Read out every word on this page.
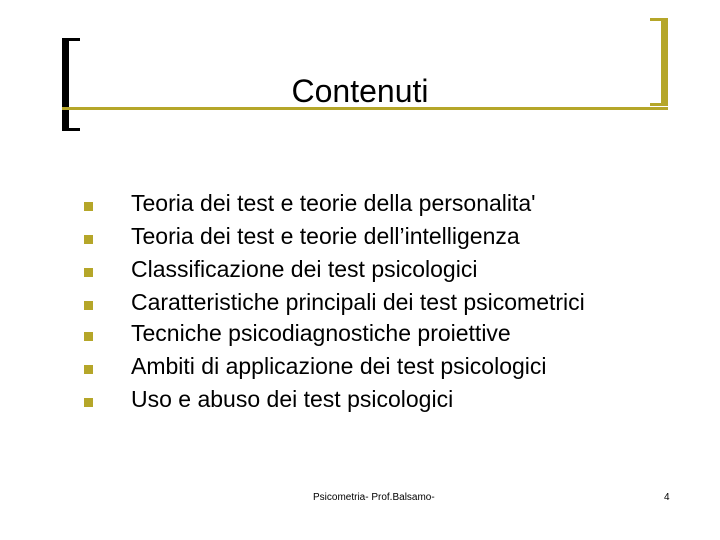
Contenuti
Teoria dei test e teorie della personalita'
Teoria dei test e teorie dell’intelligenza
Classificazione dei test psicologici
Caratteristiche principali dei test psicometrici
Tecniche psicodiagnostiche proiettive
Ambiti di applicazione dei test psicologici
Uso e abuso dei test psicologici
Psicometria- Prof.Balsamo-	4
